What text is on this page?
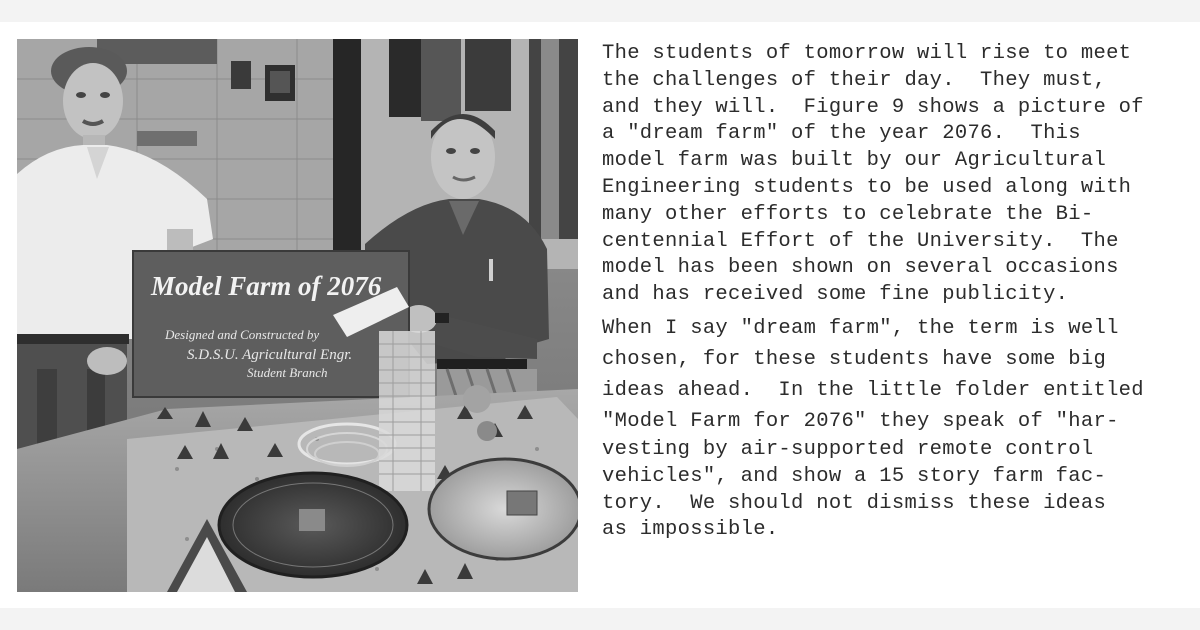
Model Farm of 2076
Designed and Constructed by
S.D.S.U. Agricultural Engr.
Student Branch
The students of tomorrow will rise to meet
the challenges of their day.  They must,
and they will.  Figure 9 shows a picture of
a "dream farm" of the year 2076.  This
model farm was built by our Agricultural
Engineering students to be used along with
many other efforts to celebrate the Bi-
centennial Effort of the University.  The
model has been shown on several occasions
and has received some fine publicity.
When I say "dream farm", the term is well
chosen, for these students have some big
ideas ahead.  In the little folder entitled
"Model Farm for 2076" they speak of "har-
vesting by air-supported remote control
vehicles", and show a 15 story farm fac-
tory.  We should not dismiss these ideas
as impossible.
